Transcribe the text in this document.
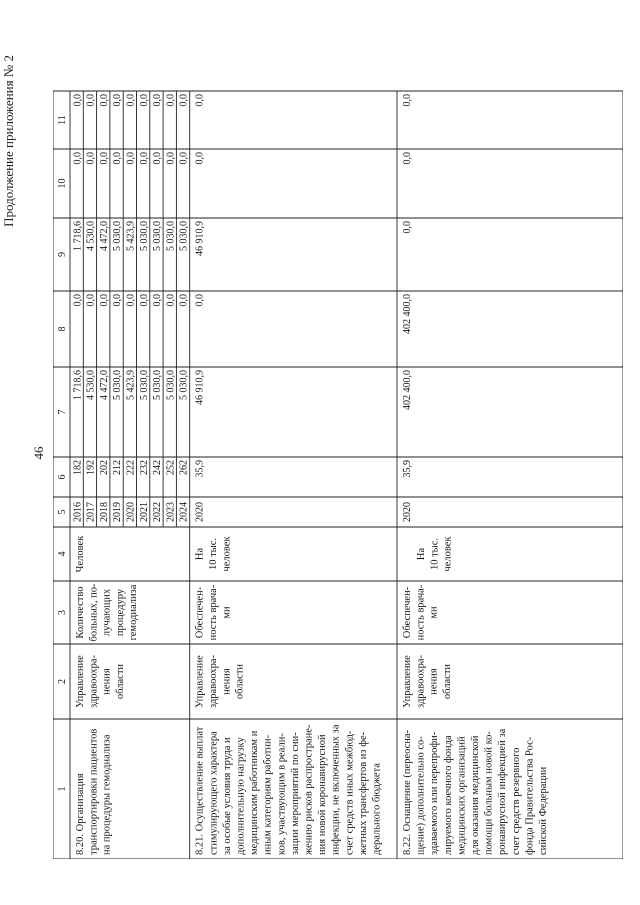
46
Продолжение приложения № 2
1
2
3
4
5
6
7
8
9
10
11
8.20. Организация транспортировки пациентов на процедуры гемодиализа
Управление здравоохра- нения области
Количество больных, по- лучающих процедуру гемодиализа
Человек
2016
182
1 718,6
0,0
1 718,6
0,0
0,0
2017
192
4 530,0
0,0
4 530,0
0,0
0,0
2018
202
4 472,0
0,0
4 472,0
0,0
0,0
2019
212
5 030,0
0,0
5 030,0
0,0
0,0
2020
222
5 423,9
0,0
5 423,9
0,0
0,0
2021
232
5 030,0
0,0
5 030,0
0,0
0,0
2022
242
5 030,0
0,0
5 030,0
0,0
0,0
2023
252
5 030,0
0,0
5 030,0
0,0
0,0
2024
262
5 030,0
0,0
5 030,0
0,0
0,0
8.21. Осуществление выплат стимулирующего характера за особые условия труда и дополнительную нагрузку медицинским работникам и иным категориям работни- ков, участвующим в реали- зации мероприятий по сни- жению рисков распростране- ния новой коронавирусной инфекции, не включенных за счет средств иных межбюд- жетных трансфертов из фе- дерального бюджета
Управление здравоохра- нения области
Обеспечен- ность врача- ми
На 10 тыс. человек
2020
35,9
46 910,9
0,0
46 910,9
0,0
0,0
8.22. Оснащение (переосна- щение) дополнительно со- здаваемого или перепрофи- лируемого коечного фонда медицинских организаций для оказания медицинской помощи больным новой ко- ронавирусной инфекцией за счет средств резервного фонда Правительства Рос- сийской Федерации
Управление здравоохра- нения области
Обеспечен- ность врача- ми
На 10 тыс. человек
2020
35,9
402 400,0
402 400,0
0,0
0,0
0,0
